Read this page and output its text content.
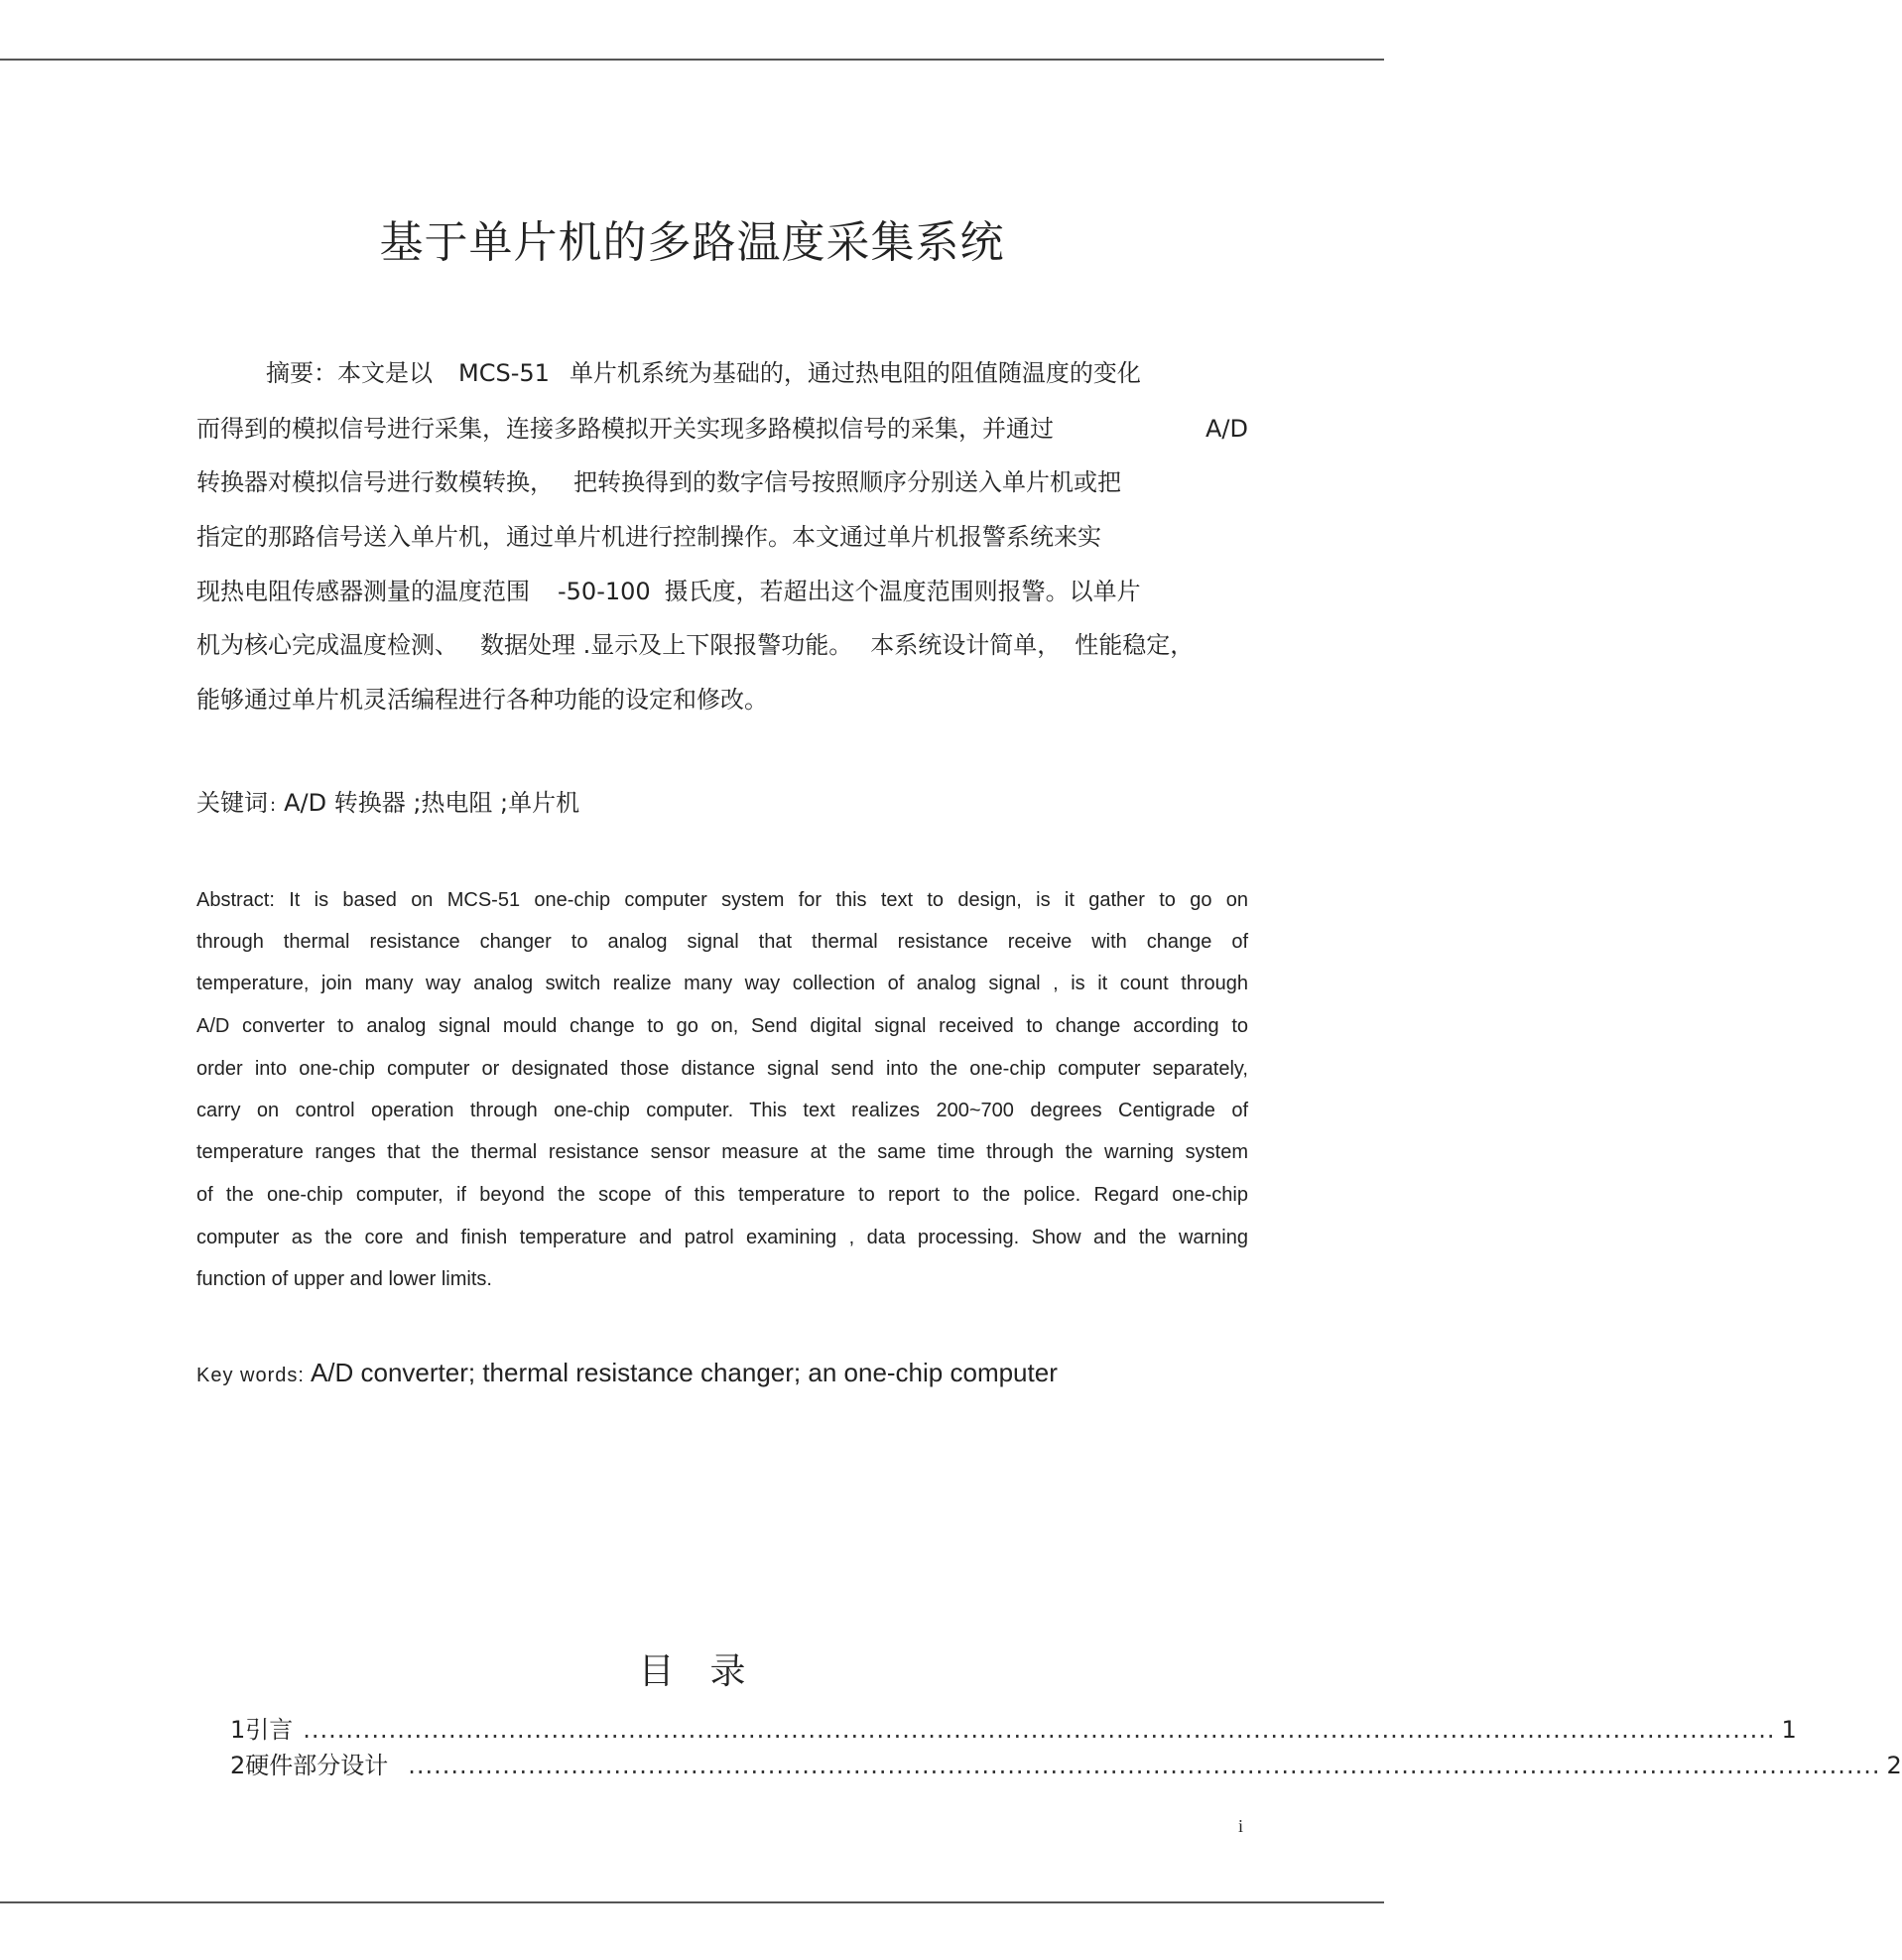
基于单片机的多路温度采集系统
摘要：本文是以 MCS-51 单片机系统为基础的，通过热电阻的阻值随温度的变化
而得到的模拟信号进行采集，连接多路模拟开关实现多路模拟信号的采集，并通过	A/D
转换器对模拟信号进行数模转换， 把转换得到的数字信号按照顺序分别送入单片机或把
指定的那路信号送入单片机，通过单片机进行控制操作。本文通过单片机报警系统来实
现热电阻传感器测量的温度范围 -50-100 摄氏度，若超出这个温度范围则报警。以单片
机为核心完成温度检测、 数据处理 .显示及上下限报警功能。 本系统设计简单， 性能稳定，
能够通过单片机灵活编程进行各种功能的设定和修改。
关键词 : A/D 转换器 ;热电阻 ;单片机
Abstract: It is based on MCS-51 one-chip computer system for this text to design, is it gather to go on
through thermal resistance changer to analog signal that thermal resistance receive with change of
temperature, join many way analog switch realize many way collection of analog signal , is it count through
A/D converter to analog signal mould change to go on, Send digital signal received to change according to
order into one-chip computer or designated those distance signal send into the one-chip computer separately,
carry on control operation through one-chip computer. This text realizes 200~700 degrees Centigrade of
temperature ranges that the thermal resistance sensor measure at the same time through the warning system
of the one-chip computer, if beyond the scope of this temperature to report to the police. Regard one-chip
computer as the core and finish temperature and patrol examining , data processing. Show and the warning
function of upper and lower limits.
Key words: A/D converter; thermal resistance changer; an one-chip computer
目 录
1 引言 ............................................................................................................................................................................ 1
2 硬件部分设计 ............................................................................................................................................................................ 2
i
